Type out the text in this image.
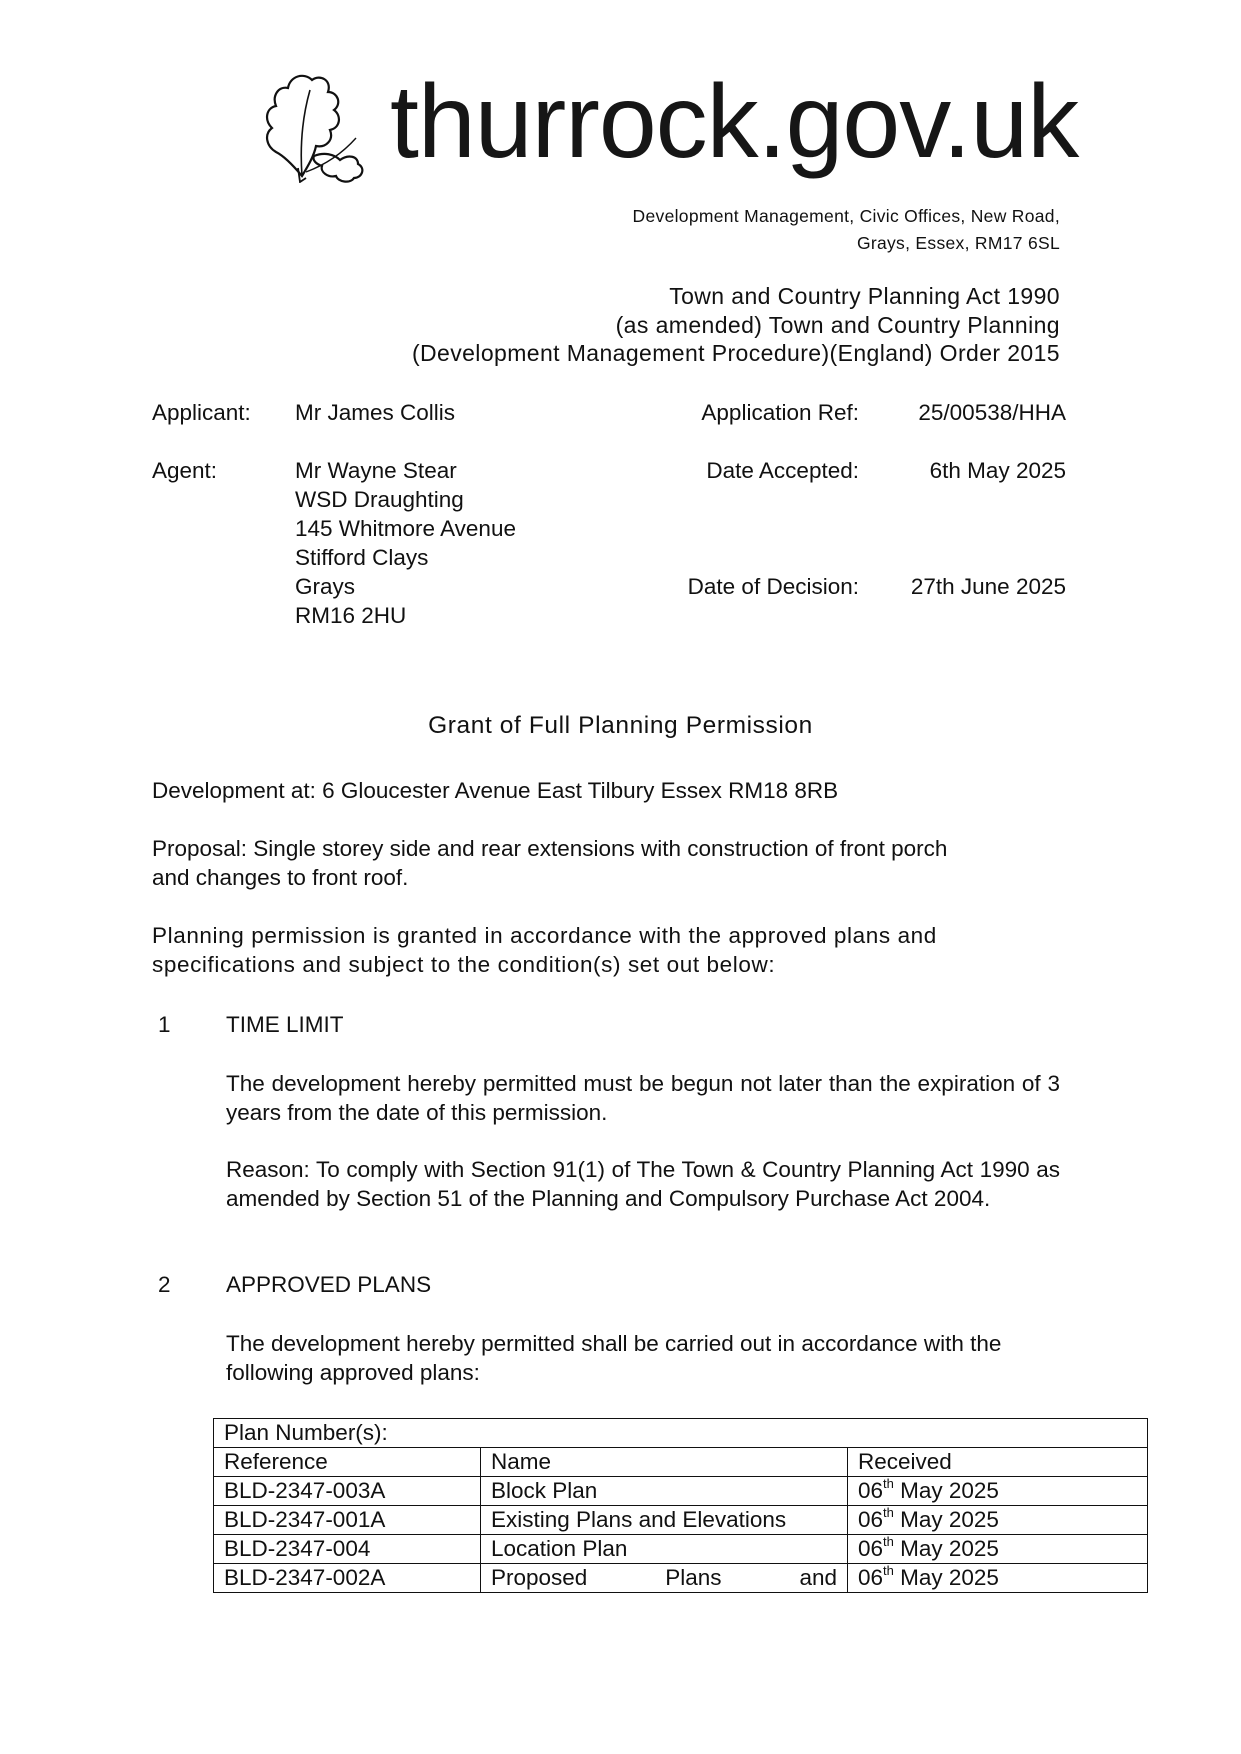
thurrock.gov.uk
Development Management, Civic Offices, New Road,
Grays, Essex, RM17 6SL
Town and Country Planning Act 1990
(as amended) Town and Country Planning
(Development Management Procedure)(England) Order 2015
Applicant: Mr James Collis
Agent:	Mr Wayne Stear
WSD Draughting
145 Whitmore Avenue
Stifford Clays
Grays
RM16 2HU
Application Ref:	25/00538/HHA
Date Accepted:	6th May 2025
Date of Decision:	27th June 2025
Grant of Full Planning Permission
Development at: 6 Gloucester Avenue East Tilbury Essex RM18 8RB
Proposal: Single storey side and rear extensions with construction of front porch
and changes to front roof.
Planning permission is granted in accordance with the approved plans and
specifications and subject to the condition(s) set out below:
1 TIME LIMIT
The development hereby permitted must be begun not later than the expiration of 3 years from the date of this permission.
Reason: To comply with Section 91(1) of The Town & Country Planning Act 1990 as amended by Section 51 of the Planning and Compulsory Purchase Act 2004.
2 APPROVED PLANS
The development hereby permitted shall be carried out in accordance with the following approved plans:
Plan Number(s):		
Reference	Name	Received
BLD-2347-003A	Block Plan	06th May 2025
BLD-2347-001A	Existing Plans and Elevations	06th May 2025
BLD-2347-004	Location Plan	06th May 2025
BLD-2347-002A	Proposed Plans and	06th May 2025
